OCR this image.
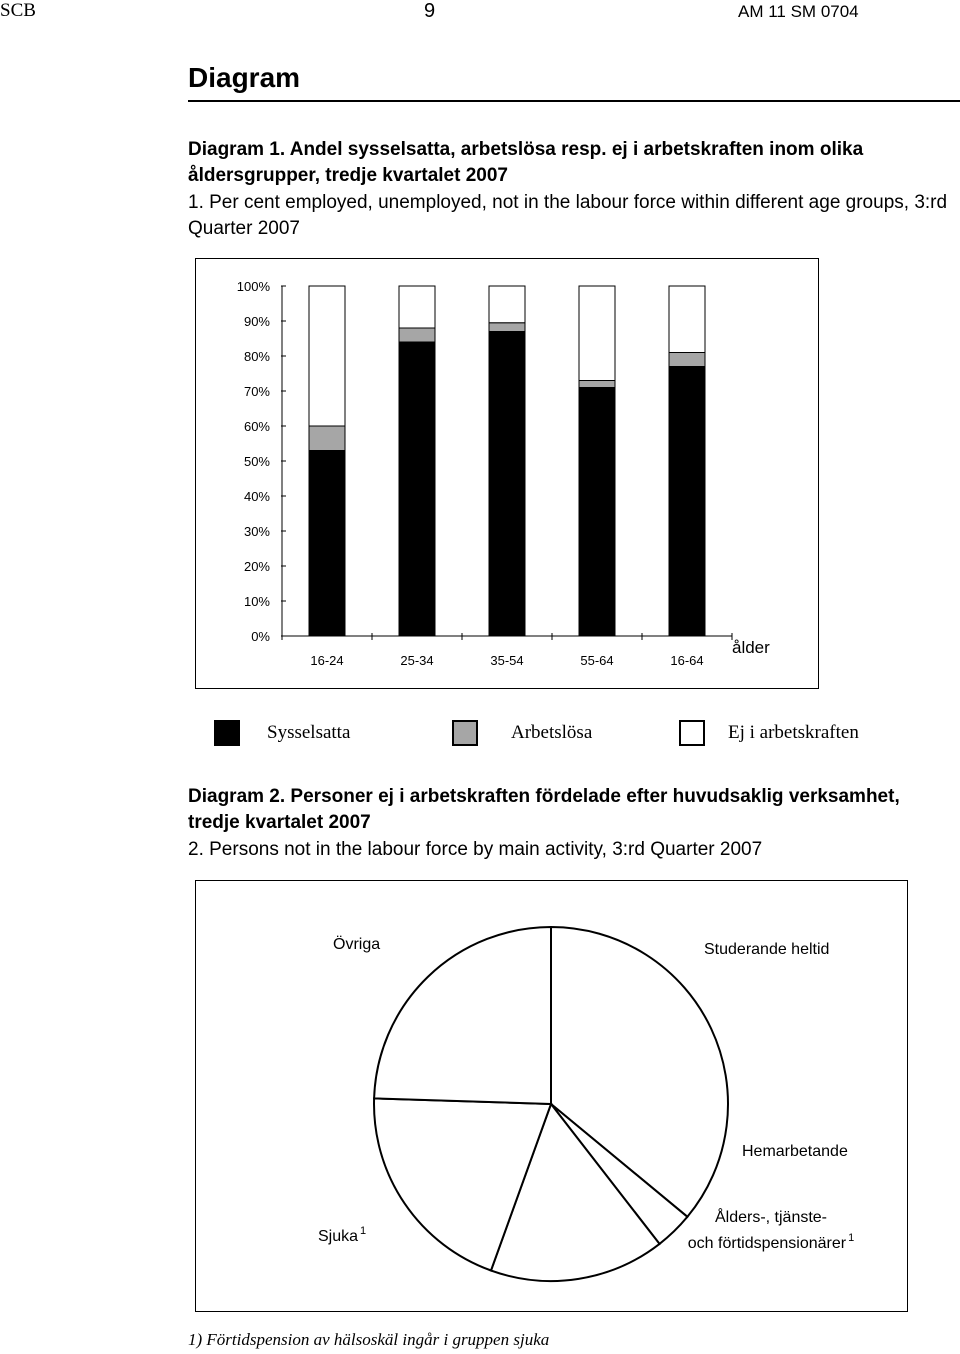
SCB	9	AM 11 SM 0704
Diagram
Diagram 1. Andel sysselsatta, arbetslösa resp. ej i arbetskraften inom olika åldersgrupper, tredje kvartalet 2007
1. Per cent employed, unemployed, not in the labour force within different age groups, 3:rd Quarter 2007
0%
10%
20%
30%
40%
50%
60%
70%
80%
90%
100%
16-24	25-34	35-54	55-64	16-64
ålder
Sysselsatta	Arbetslösa	Ej i arbetskraften
Diagram 2. Personer ej i arbetskraften fördelade efter huvudsaklig verksamhet, tredje kvartalet 2007
2. Persons not in the labour force by main activity, 3:rd Quarter 2007
Studerande heltid
Hemarbetande
Ålders-, tjänste-
och förtidspensionärer $^1$
Sjuka $^1$
Övriga
1) Förtidspension av hälsoskäl ingår i gruppen sjuka
